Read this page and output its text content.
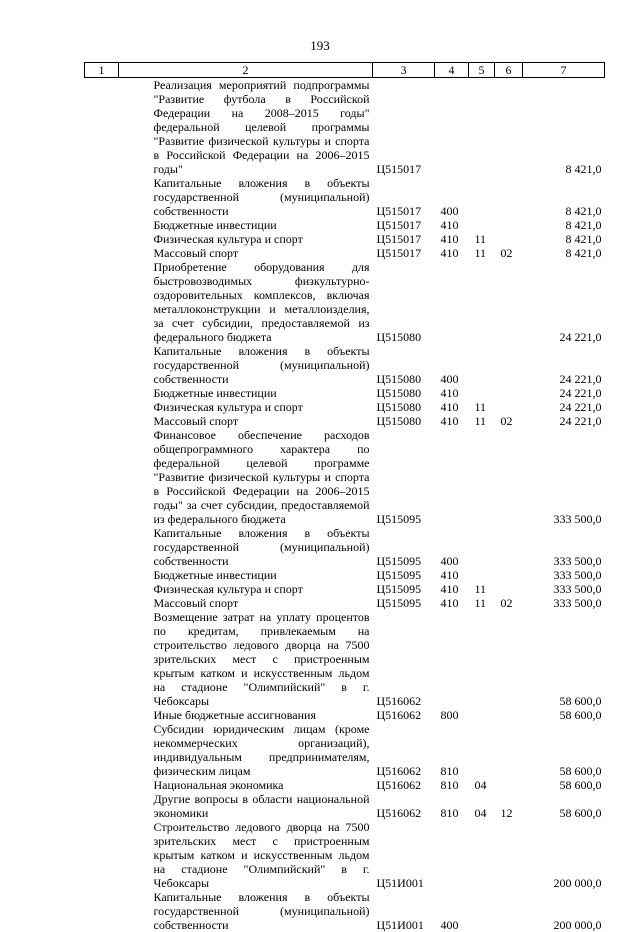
193
1	2	3	4	5	6	7

	Реализация мероприятий подпрограммы "Развитие футбола в Российской Федерации на 2008–2015 годы" федеральной целевой программы "Развитие физической культуры и спорта в Российской Федерации на 2006–2015 годы"	Ц515017				8 421,0

	Капитальные вложения в объекты государственной (муниципальной) собственности	Ц515017	400			8 421,0

	Бюджетные инвестиции	Ц515017	410			8 421,0

	Физическая культура и спорт	Ц515017	410	11		8 421,0

	Массовый спорт	Ц515017	410	11	02	8 421,0

	Приобретение оборудования для быстровозводимых физкультурно-оздоровительных комплексов, включая металлоконструкции и металлоизделия, за счет субсидии, предоставляемой из федерального бюджета	Ц515080				24 221,0

	Капитальные вложения в объекты государственной (муниципальной) собственности	Ц515080	400			24 221,0

	Бюджетные инвестиции	Ц515080	410			24 221,0

	Физическая культура и спорт	Ц515080	410	11		24 221,0

	Массовый спорт	Ц515080	410	11	02	24 221,0

	Финансовое обеспечение расходов общепрограммного характера по федеральной целевой программе "Развитие физической культуры и спорта в Российской Федерации на 2006–2015 годы" за счет субсидии, предоставляемой из федерального бюджета	Ц515095				333 500,0

	Капитальные вложения в объекты государственной (муниципальной) собственности	Ц515095	400			333 500,0

	Бюджетные инвестиции	Ц515095	410			333 500,0

	Физическая культура и спорт	Ц515095	410	11		333 500,0

	Массовый спорт	Ц515095	410	11	02	333 500,0

	Возмещение затрат на уплату процентов по кредитам, привлекаемым на строительство ледового дворца на 7500 зрительских мест с пристроенным крытым катком и искусственным льдом на стадионе "Олимпийский" в г. Чебоксары	Ц516062				58 600,0

	Иные бюджетные ассигнования	Ц516062	800			58 600,0

	Субсидии юридическим лицам (кроме некоммерческих организаций), индивидуальным предпринимателям, физическим лицам	Ц516062	810			58 600,0

	Национальная экономика	Ц516062	810	04		58 600,0

	Другие вопросы в области национальной экономики	Ц516062	810	04	12	58 600,0

	Строительство ледового дворца на 7500 зрительских мест с пристроенным крытым катком и искусственным льдом на стадионе "Олимпийский" в г. Чебоксары	Ц51И001				200 000,0

	Капитальные вложения в объекты государственной (муниципальной) собственности	Ц51И001	400			200 000,0
